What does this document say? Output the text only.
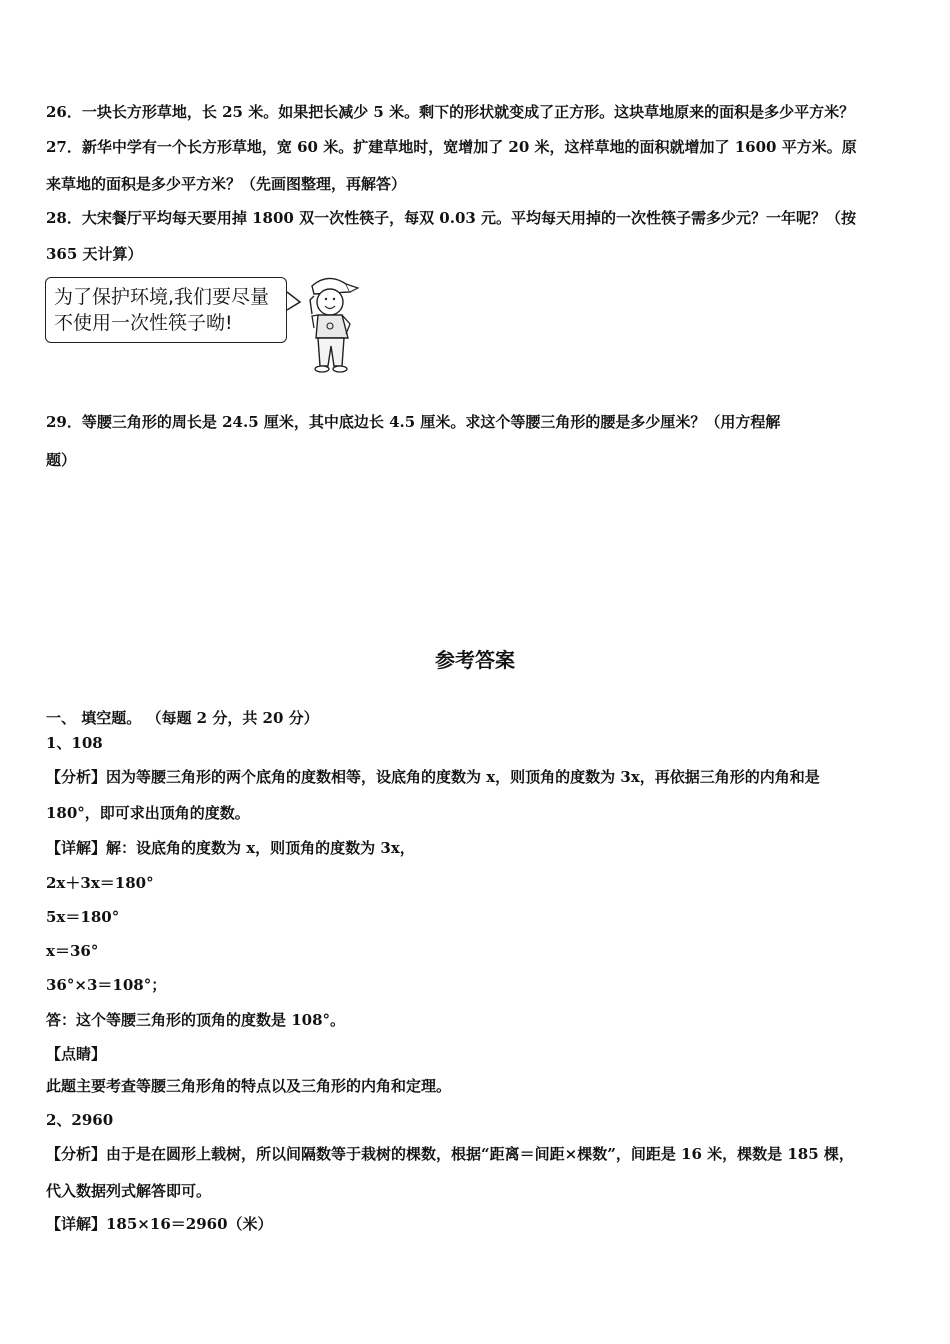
26．一块长方形草地，长 25 米。如果把长减少 5 米。剩下的形状就变成了正方形。这块草地原来的面积是多少平方米？
27．新华中学有一个长方形草地，宽 60 米。扩建草地时，宽增加了 20 米，这样草地的面积就增加了 1600 平方米。原
来草地的面积是多少平方米？（先画图整理，再解答）
28．大宋餐厅平均每天要用掉 1800 双一次性筷子，每双 0.03 元。平均每天用掉的一次性筷子需多少元？一年呢？（按
365 天计算）
为了保护环境,我们要尽量
不使用一次性筷子呦!
29．等腰三角形的周长是 24.5 厘米，其中底边长 4.5 厘米。求这个等腰三角形的腰是多少厘米？（用方程解
题）
参考答案
一、 填空题。 （每题 2 分，共 20 分）
1、108
【分析】因为等腰三角形的两个底角的度数相等，设底角的度数为 x，则顶角的度数为 3x，再依据三角形的内角和是
180°，即可求出顶角的度数。
【详解】解：设底角的度数为 x，则顶角的度数为 3x，
2x＋3x＝180°
5x＝180°
x＝36°
36°×3＝108°；
答：这个等腰三角形的顶角的度数是 108°。
【点睛】
此题主要考查等腰三角形角的特点以及三角形的内角和定理。
2、2960
【分析】由于是在圆形上载树，所以间隔数等于栽树的棵数，根据“距离＝间距×棵数”，间距是 16 米，棵数是 185 棵，
代入数据列式解答即可。
【详解】185×16＝2960（米）
